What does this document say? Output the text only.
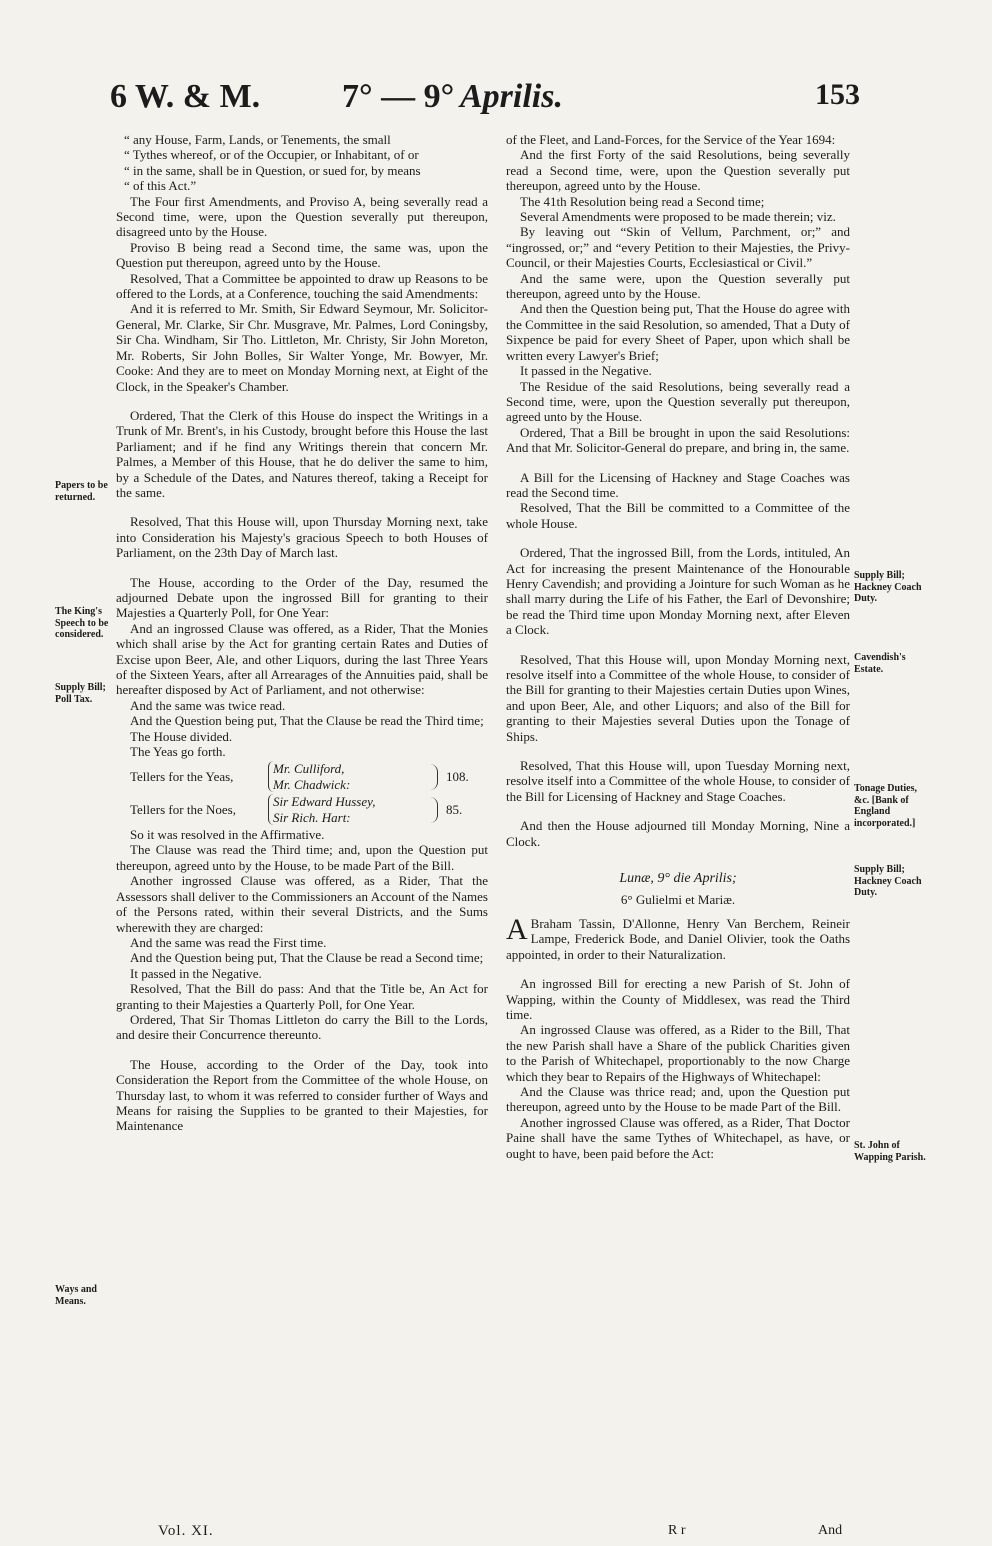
6 W. & M. 7° — 9° Aprilis.	153

“ any House, Farm, Lands, or Tenements, the small

“ Tythes whereof, or of the Occupier, or Inhabitant, of or

“ in the same, shall be in Question, or sued for, by means

“ of this Act.”

The Four first Amendments, and Proviso A, being severally read a Second time, were, upon the Question severally put thereupon, disagreed unto by the House.

Proviso B being read a Second time, the same was, upon the Question put thereupon, agreed unto by the House.

Resolved, That a Committee be appointed to draw up Reasons to be offered to the Lords, at a Conference, touching the said Amendments:

And it is referred to Mr. Smith, Sir Edward Seymour, Mr. Solicitor-General, Mr. Clarke, Sir Chr. Musgrave, Mr. Palmes, Lord Coningsby, Sir Cha. Windham, Sir Tho. Littleton, Mr. Christy, Sir John Moreton, Mr. Roberts, Sir John Bolles, Sir Walter Yonge, Mr. Bowyer, Mr. Cooke: And they are to meet on Monday Morning next, at Eight of the Clock, in the Speaker's Chamber.

Ordered, That the Clerk of this House do inspect the Writings in a Trunk of Mr. Brent's, in his Custody, brought before this House the last Parliament; and if he find any Writings therein that concern Mr. Palmes, a Member of this House, that he do deliver the same to him, by a Schedule of the Dates, and Natures thereof, taking a Receipt for the same.

Resolved, That this House will, upon Thursday Morning next, take into Consideration his Majesty's gracious Speech to both Houses of Parliament, on the 23th Day of March last.

The House, according to the Order of the Day, resumed the adjourned Debate upon the ingrossed Bill for granting to their Majesties a Quarterly Poll, for One Year:

And an ingrossed Clause was offered, as a Rider, That the Monies which shall arise by the Act for granting certain Rates and Duties of Excise upon Beer, Ale, and other Liquors, during the last Three Years of the Sixteen Years, after all Arrearages of the Annuities paid, shall be hereafter disposed by Act of Parliament, and not otherwise:

And the same was twice read.

And the Question being put, That the Clause be read the Third time;

The House divided.

The Yeas go forth.

Tellers for the Yeas,
Mr. Culliford,
Mr. Chadwick:
108.
Tellers for the Noes,
Sir Edward Hussey,
Sir Rich. Hart:
85.

So it was resolved in the Affirmative.

The Clause was read the Third time; and, upon the Question put thereupon, agreed unto by the House, to be made Part of the Bill.

Another ingrossed Clause was offered, as a Rider, That the Assessors shall deliver to the Commissioners an Account of the Names of the Persons rated, within their several Districts, and the Sums wherewith they are charged:

And the same was read the First time.

And the Question being put, That the Clause be read a Second time;

It passed in the Negative.

Resolved, That the Bill do pass: And that the Title be, An Act for granting to their Majesties a Quarterly Poll, for One Year.

Ordered, That Sir Thomas Littleton do carry the Bill to the Lords, and desire their Concurrence thereunto.

The House, according to the Order of the Day, took into Consideration the Report from the Committee of the whole House, on Thursday last, to whom it was referred to consider further of Ways and Means for raising the Supplies to be granted to their Majesties, for Maintenance

of the Fleet, and Land-Forces, for the Service of the Year 1694:

And the first Forty of the said Resolutions, being severally read a Second time, were, upon the Question severally put thereupon, agreed unto by the House.

The 41th Resolution being read a Second time;

Several Amendments were proposed to be made therein; viz.

By leaving out “Skin of Vellum, Parchment, or;” and “ingrossed, or;” and “every Petition to their Majesties, the Privy-Council, or their Majesties Courts, Ecclesiastical or Civil.”

And the same were, upon the Question severally put thereupon, agreed unto by the House.

And then the Question being put, That the House do agree with the Committee in the said Resolution, so amended, That a Duty of Sixpence be paid for every Sheet of Paper, upon which shall be written every Lawyer's Brief;

It passed in the Negative.

The Residue of the said Resolutions, being severally read a Second time, were, upon the Question severally put thereupon, agreed unto by the House.

Ordered, That a Bill be brought in upon the said Resolutions: And that Mr. Solicitor-General do prepare, and bring in, the same.

A Bill for the Licensing of Hackney and Stage Coaches was read the Second time.

Resolved, That the Bill be committed to a Committee of the whole House.

Ordered, That the ingrossed Bill, from the Lords, intituled, An Act for increasing the present Maintenance of the Honourable Henry Cavendish; and providing a Jointure for such Woman as he shall marry during the Life of his Father, the Earl of Devonshire; be read the Third time upon Monday Morning next, after Eleven a Clock.

Resolved, That this House will, upon Monday Morning next, resolve itself into a Committee of the whole House, to consider of the Bill for granting to their Majesties certain Duties upon Wines, and upon Beer, Ale, and other Liquors; and also of the Bill for granting to their Majesties several Duties upon the Tonage of Ships.

Resolved, That this House will, upon Tuesday Morning next, resolve itself into a Committee of the whole House, to consider of the Bill for Licensing of Hackney and Stage Coaches.

And then the House adjourned till Monday Morning, Nine a Clock.

Lunæ, 9° die Aprilis;
6° Gulielmi et Mariæ.

A Braham Tassin, D'Allonne, Henry Van Berchem, Reineir Lampe, Frederick Bode, and Daniel Olivier, took the Oaths appointed, in order to their Naturalization.

An ingrossed Bill for erecting a new Parish of St. John of Wapping, within the County of Middlesex, was read the Third time.

An ingrossed Clause was offered, as a Rider to the Bill, That the new Parish shall have a Share of the publick Charities given to the Parish of Whitechapel, proportionably to the now Charge which they bear to Repairs of the Highways of Whitechapel:

And the Clause was thrice read; and, upon the Question put thereupon, agreed unto by the House to be made Part of the Bill.

Another ingrossed Clause was offered, as a Rider, That Doctor Paine shall have the same Tythes of Whitechapel, as have, or ought to have, been paid before the Act:

Papers to be returned.
The King's Speech to be considered.
Supply Bill; Poll Tax.
Ways and Means.
Supply Bill; Hackney Coach Duty.
Cavendish's Estate.
Tonage Duties, &c. [Bank of England incorporated.]
Supply Bill; Hackney Coach Duty.
St. John of Wapping Parish.
Vol. XI.	R r	And
